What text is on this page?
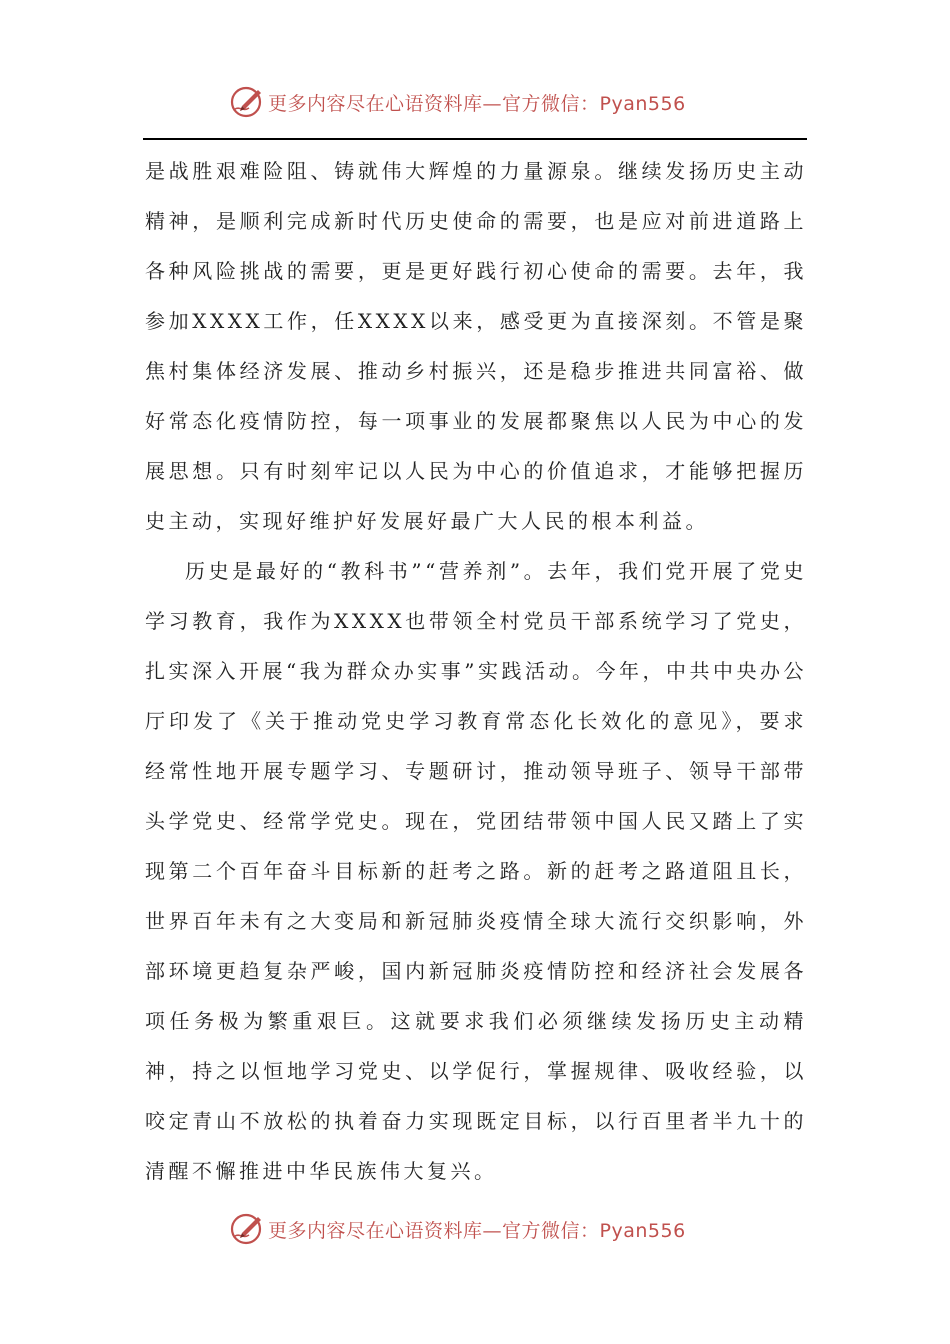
更多内容尽在心语资料库—官方微信：Pyan556

是战胜艰难险阻、铸就伟大辉煌的力量源泉。继续发扬历史主动精神，是顺利完成新时代历史使命的需要，也是应对前进道路上各种风险挑战的需要，更是更好践行初心使命的需要。去年，我参加XXXX工作，任XXXX以来，感受更为直接深刻。不管是聚焦村集体经济发展、推动乡村振兴，还是稳步推进共同富裕、做好常态化疫情防控，每一项事业的发展都聚焦以人民为中心的发展思想。只有时刻牢记以人民为中心的价值追求，才能够把握历史主动，实现好维护好发展好最广大人民的根本利益。

历史是最好的“教科书”“营养剂”。去年，我们党开展了党史学习教育，我作为XXXX也带领全村党员干部系统学习了党史，扎实深入开展“我为群众办实事”实践活动。今年，中共中央办公厅印发了《关于推动党史学习教育常态化长效化的意见》，要求经常性地开展专题学习、专题研讨，推动领导班子、领导干部带头学党史、经常学党史。现在，党团结带领中国人民又踏上了实现第二个百年奋斗目标新的赶考之路。新的赶考之路道阻且长，世界百年未有之大变局和新冠肺炎疫情全球大流行交织影响，外部环境更趋复杂严峻，国内新冠肺炎疫情防控和经济社会发展各项任务极为繁重艰巨。这就要求我们必须继续发扬历史主动精神，持之以恒地学习党史、以学促行，掌握规律、吸收经验，以咬定青山不放松的执着奋力实现既定目标，以行百里者半九十的清醒不懈推进中华民族伟大复兴。

更多内容尽在心语资料库—官方微信：Pyan556
